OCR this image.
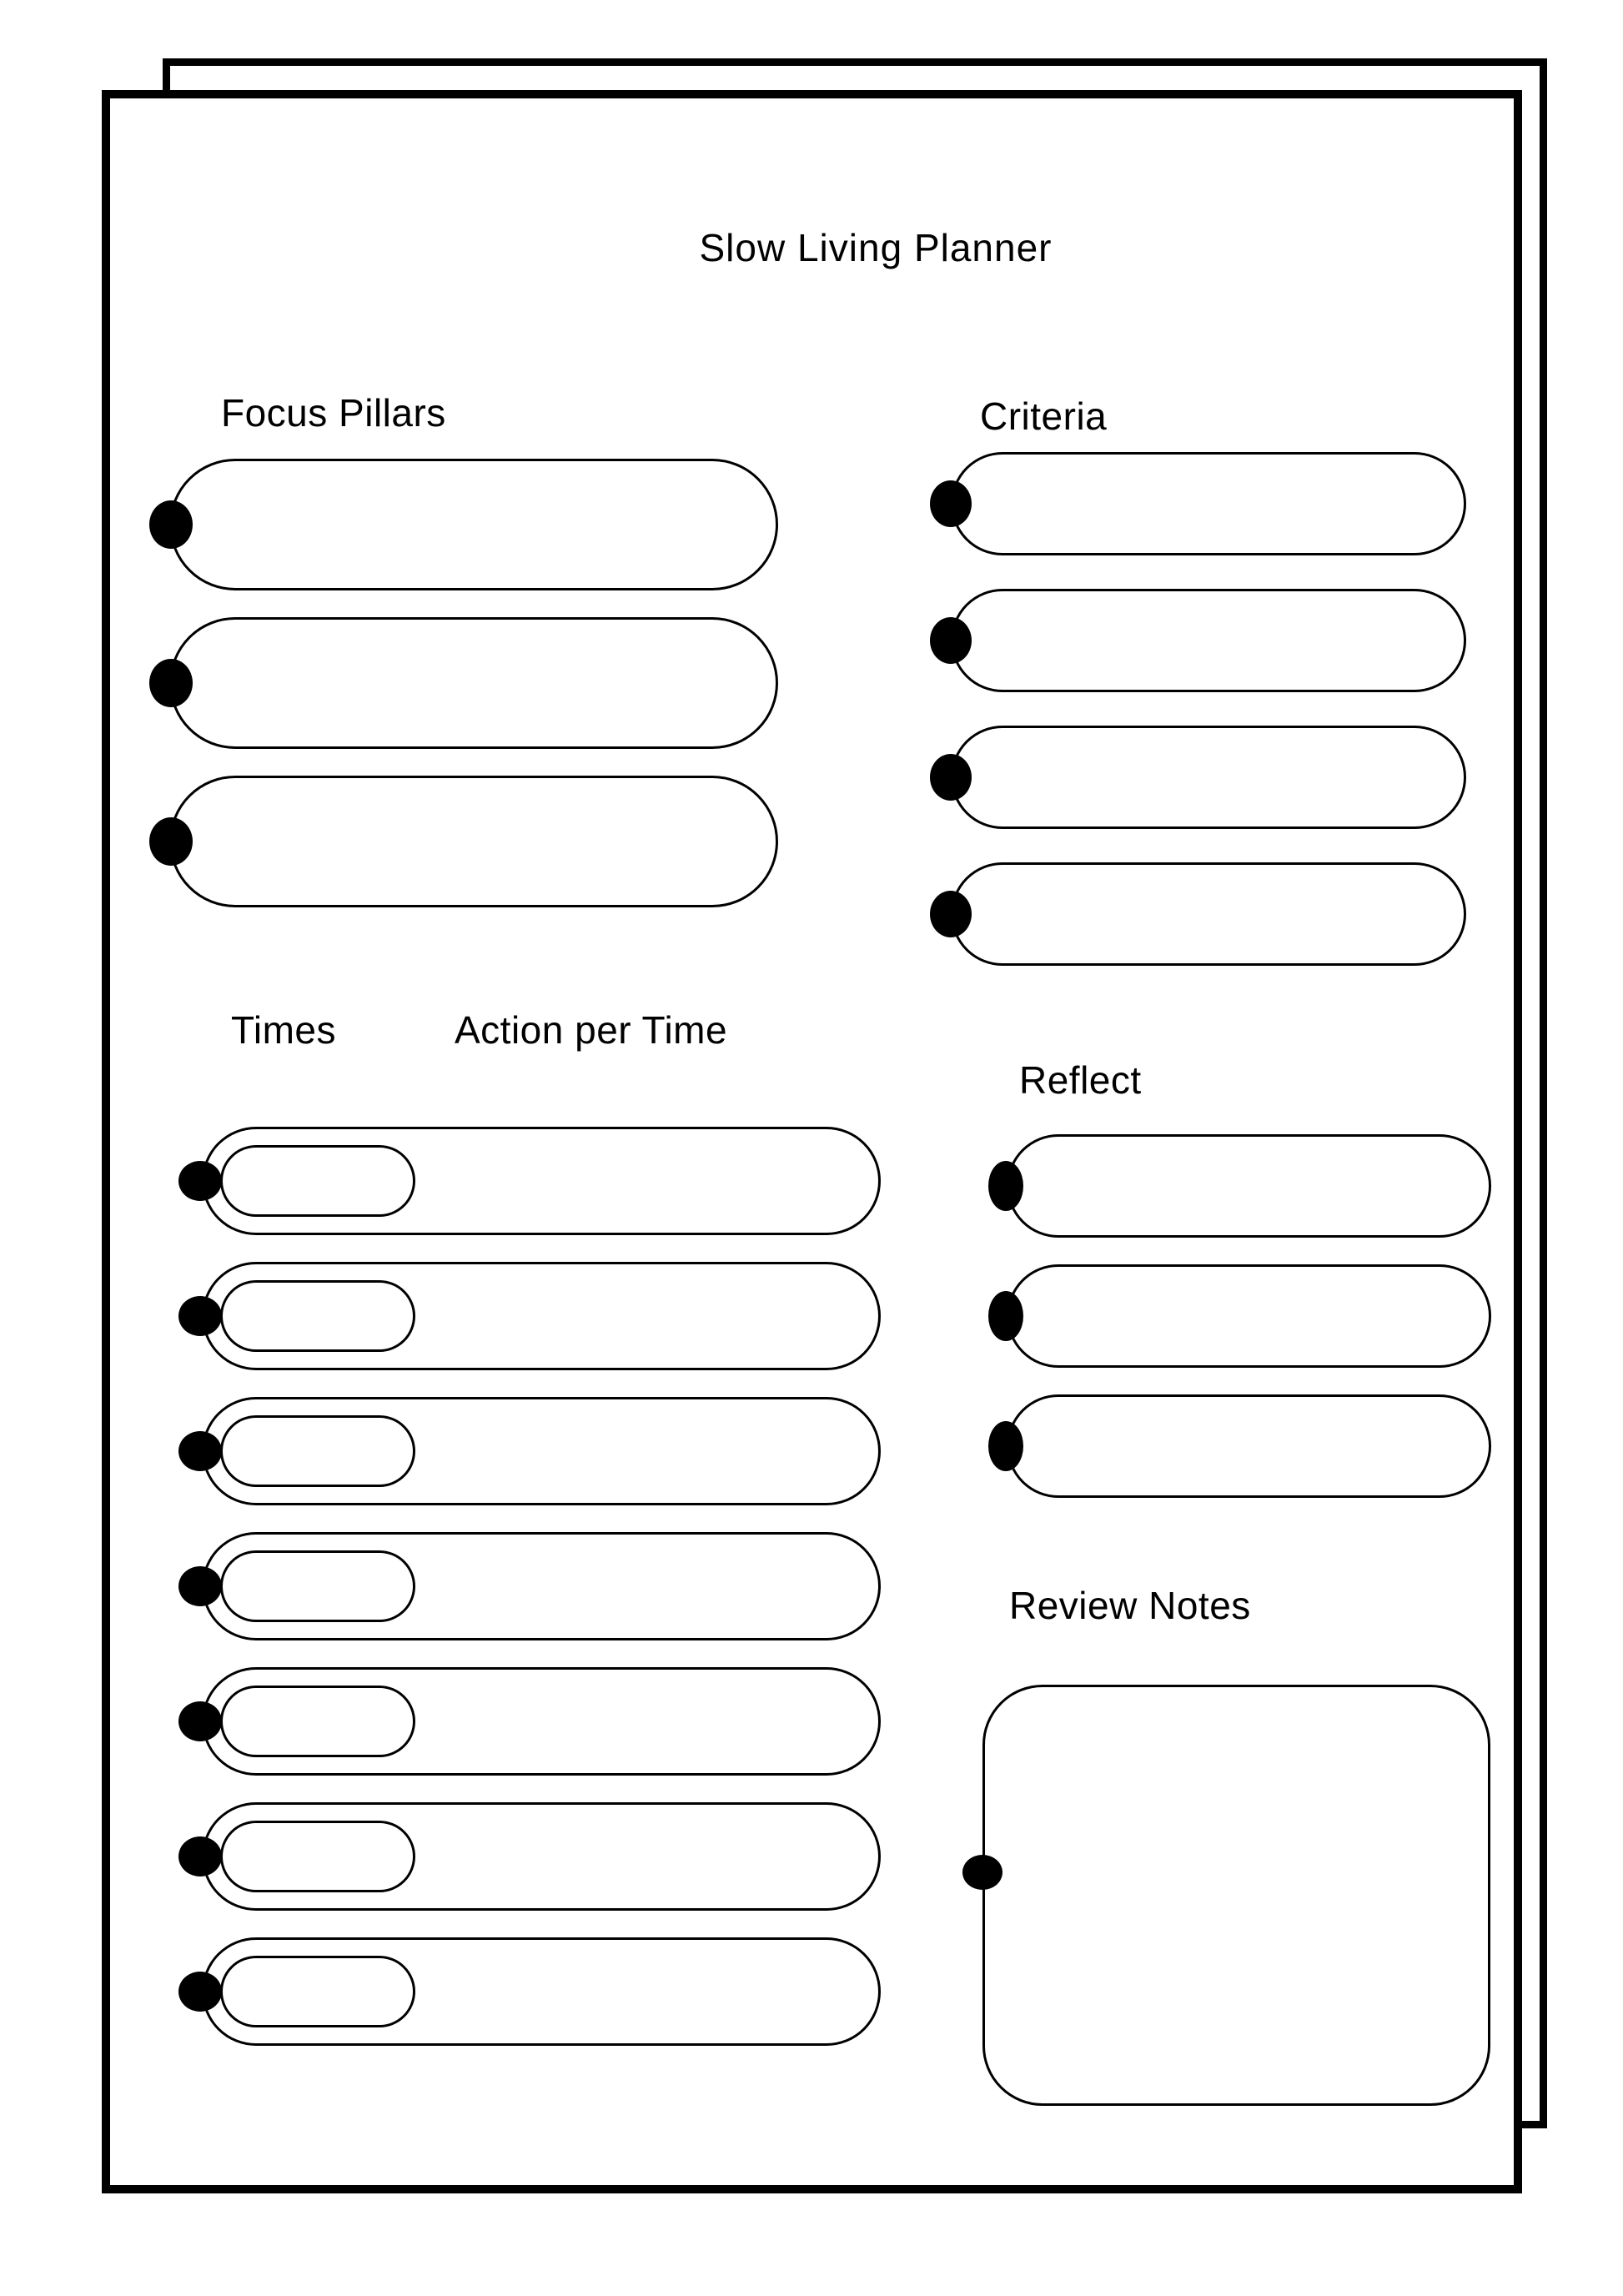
Slow Living Planner
Focus Pillars	Criteria
Times	Action per Time
Reflect
Review Notes
